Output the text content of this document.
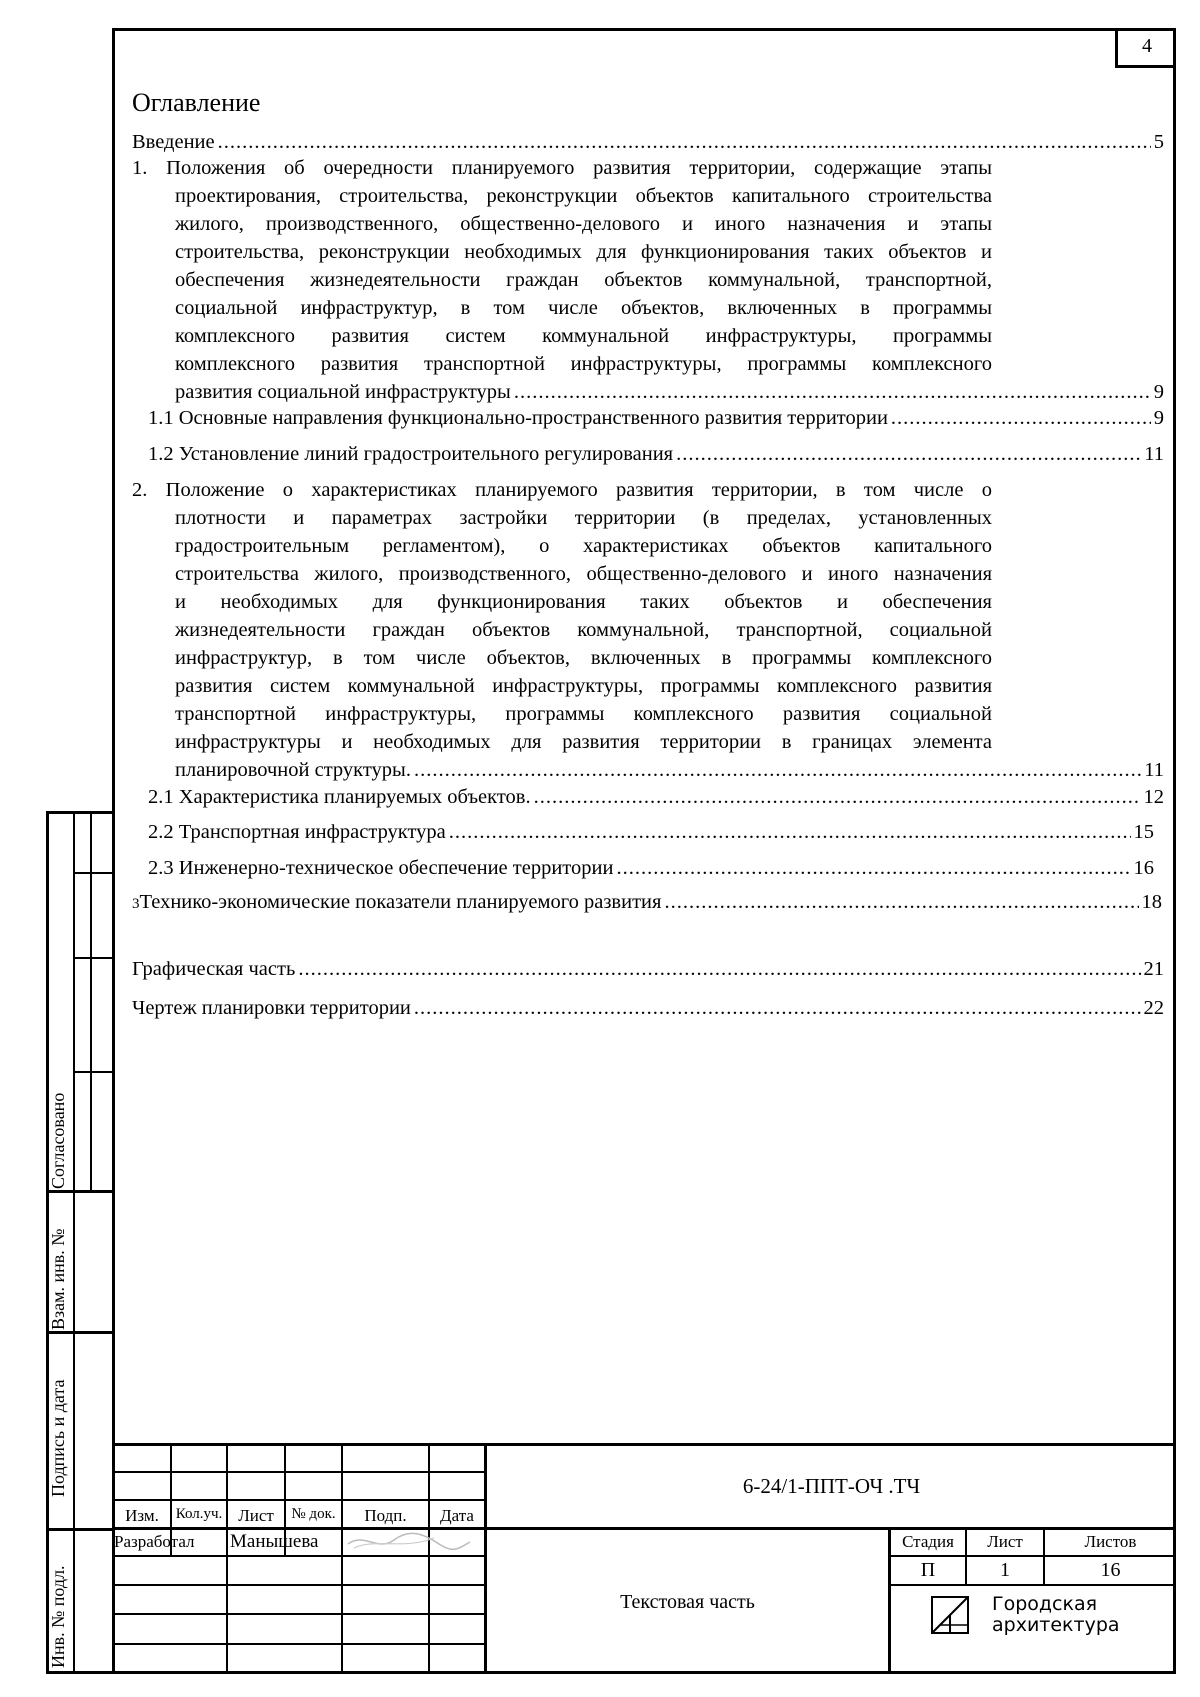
4
Оглавление
Введение .....	5
1. Положения об очередности планируемого развития территории, содержащие этапы
проектирования, строительства, реконструкции объектов капитального строительства
жилого, производственного, общественно-делового и иного назначения и этапы
строительства, реконструкции необходимых для функционирования таких объектов и
обеспечения жизнедеятельности граждан объектов коммунальной, транспортной,
социальной инфраструктур, в том числе объектов, включенных в программы
комплексного развития систем коммунальной инфраструктуры, программы
комплексного развития транспортной инфраструктуры, программы комплексного
развития социальной инфраструктуры .....	9
1.1 Основные направления функционально-пространственного развития территории .....	9
1.2 Установление линий градостроительного регулирования .....	11
2. Положение о характеристиках планируемого развития территории, в том числе о
плотности и параметрах застройки территории (в пределах, установленных
градостроительным регламентом), о характеристиках объектов капитального
строительства жилого, производственного, общественно-делового и иного назначения
и необходимых для функционирования таких объектов и обеспечения
жизнедеятельности граждан объектов коммунальной, транспортной, социальной
инфраструктур, в том числе объектов, включенных в программы комплексного
развития систем коммунальной инфраструктуры, программы комплексного развития
транспортной инфраструктуры, программы комплексного развития социальной
инфраструктуры и необходимых для развития территории в границах элемента
планировочной структуры. .....	11
2.1 Характеристика планируемых объектов. .....	12
2.2 Транспортная инфраструктура .....	15
2.3 Инженерно-техническое обеспечение территории .....	16
3 Технико-экономические показатели планируемого развития .....	18
Графическая часть .....	21
Чертеж планировки территории .....	22
Согласовано
Взам. инв. №
Подпись и дата
Инв. № подл.
6-24/1-ППТ-ОЧ .ТЧ
Изм.	Кол.уч. Лист	№ док.	Подп.	Дата
Разработал Манышева
Текстовая часть
Стадия	Лист	Листов
П	1	16
Городская
архитектура
